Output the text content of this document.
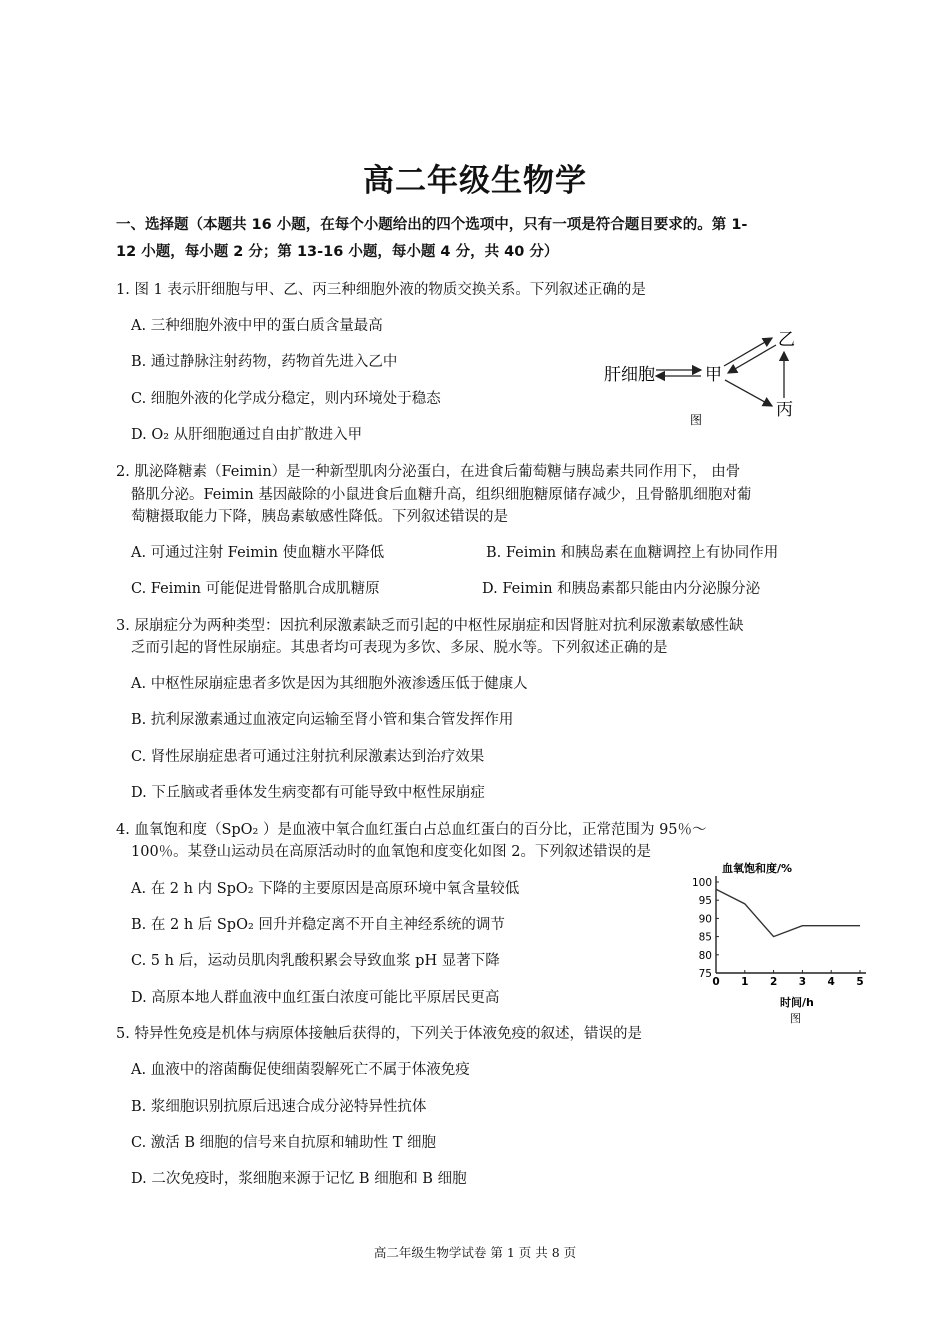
高二年级生物学
一、选择题（本题共 16 小题，在每个小题给出的四个选项中，只有一项是符合题目要求的。第 1-
12 小题，每小题 2 分；第 13-16 小题，每小题 4 分，共 40 分）
1. 图 1 表示肝细胞与甲、乙、丙三种细胞外液的物质交换关系。下列叙述正确的是
A. 三种细胞外液中甲的蛋白质含量最高
B. 通过静脉注射药物，药物首先进入乙中
C. 细胞外液的化学成分稳定，则内环境处于稳态
D. O₂ 从肝细胞通过自由扩散进入甲
肝细胞	甲
乙
丙
图
2. 肌泌降糖素（Feimin）是一种新型肌肉分泌蛋白，在进食后葡萄糖与胰岛素共同作用下， 由骨
骼肌分泌。Feimin 基因敲除的小鼠进食后血糖升高，组织细胞糖原储存减少，且骨骼肌细胞对葡
萄糖摄取能力下降，胰岛素敏感性降低。下列叙述错误的是
A. 可通过注射 Feimin 使血糖水平降低	B. Feimin 和胰岛素在血糖调控上有协同作用
C. Feimin 可能促进骨骼肌合成肌糖原	D. Feimin 和胰岛素都只能由内分泌腺分泌
3. 尿崩症分为两种类型：因抗利尿激素缺乏而引起的中枢性尿崩症和因肾脏对抗利尿激素敏感性缺
乏而引起的肾性尿崩症。其患者均可表现为多饮、多尿、脱水等。下列叙述正确的是
A. 中枢性尿崩症患者多饮是因为其细胞外液渗透压低于健康人
B. 抗利尿激素通过血液定向运输至肾小管和集合管发挥作用
C. 肾性尿崩症患者可通过注射抗利尿激素达到治疗效果
D. 下丘脑或者垂体发生病变都有可能导致中枢性尿崩症
4. 血氧饱和度（SpO₂ ）是血液中氧合血红蛋白占总血红蛋白的百分比，正常范围为 95％～
100％。某登山运动员在高原活动时的血氧饱和度变化如图 2。下列叙述错误的是
A. 在 2 h 内 SpO₂ 下降的主要原因是高原环境中氧含量较低
B. 在 2 h 后 SpO₂ 回升并稳定离不开自主神经系统的调节
C. 5 h 后，运动员肌肉乳酸积累会导致血浆 pH 显著下降
D. 高原本地人群血液中血红蛋白浓度可能比平原居民更高
血氧饱和度/%
时间/h
图
100
95
90
85
80
75
0 1 2 3 4 5
5. 特异性免疫是机体与病原体接触后获得的，下列关于体液免疫的叙述，错误的是
A. 血液中的溶菌酶促使细菌裂解死亡不属于体液免疫
B. 浆细胞识别抗原后迅速合成分泌特异性抗体
C. 激活 B 细胞的信号来自抗原和辅助性 T 细胞
D. 二次免疫时，浆细胞来源于记忆 B 细胞和 B 细胞
高二年级生物学试卷 第 1 页 共 8 页
